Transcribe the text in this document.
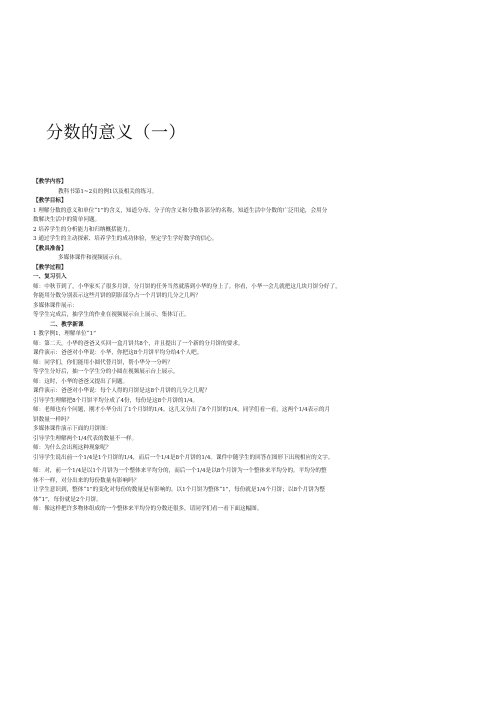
分数的意义（一）
【教学内容】
教科书第1~2页的例1以及相关的练习。
【教学目标】
1 理解分数的意义和单位“1”的含义，知道分母、分子的含义和分数各部分的名称，知道生活中分数的广泛用途，会用分
数解决生活中的简单问题。
2 培养学生的分析能力和归纳概括能力。
3 通过学生的主动探索、培养学生的成功体验，坚定学生学好数学的信心。
【教具准备】
多媒体课件和视频展示台。
【教学过程】
一、复习引入
师：中秋节到了，小华家买了很多月饼，分月饼的任务当然就落到小华的身上了。你看，小华一会儿就把这几块月饼分好了，
你能用分数分别表示这些月饼的阴影部分占一个月饼的几分之几吗？
多媒体课件展示：
等学生完成后，抽学生的作业在视频展示台上展示，集体订正。
二、教学新课
1 教学例1，理解单位“1”
师：第二天，小华的爸爸又买回一盒月饼共8个，并且提出了一个新的分月饼的要求。
课件演示：爸爸对小华说：小华，你把这8个月饼平均分给4个人吧。
师：同学们，你们能用小圆代替月饼，帮小华分一分吗？
等学生分好后，抽一个学生分的小圆在视频展示台上展示。
师：这时，小华的爸爸又提出了问题。
课件演示：爸爸对小华说：每个人得的月饼是这8个月饼的几分之几呢？
引导学生理解把8个月饼平均分成了4份，每份是这8个月饼的1/4。
师：老师也有个问题，刚才小华分出了1个月饼的1/4，这儿又分出了8个月饼的1/4，同学们看一看，这两个1/4表示的月
饼数量一样吗？
多媒体课件演示下面的月饼图：
引导学生理解两个1/4代表的数量不一样。
师：为什么会出现这种现象呢？
引导学生说出前一个1/4是1个月饼的1/4，而后一个1/4是8个月饼的1/4。课件中随学生的回答在图形下出现相应的文字。
师：对，前一个1/4是以1个月饼为一个整体来平均分的，而后一个1/4是以8个月饼为一个整体来平均分的。平均分的整
体不一样，对分出来的每份数量有影响吗？
让学生意识到，整体“1”的变化对每份的数量是有影响的。以1个月饼为整体“1”，每份就是1/4个月饼；以8个月饼为整
体“1”，每份就是2个月饼。
师：像这样把许多物体组成的一个整体来平均分的分数还很多，请同学们看一看下面这幅图。
